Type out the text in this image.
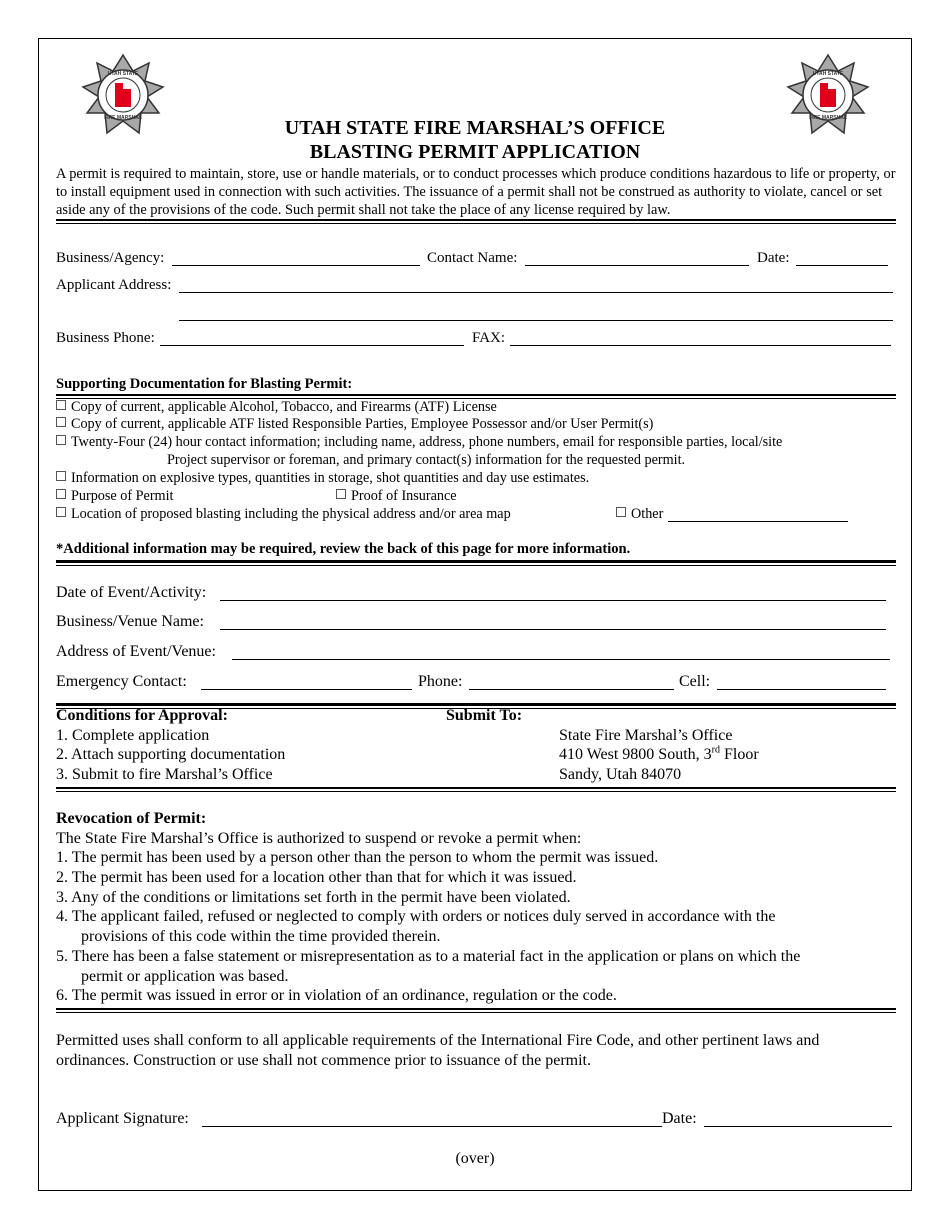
UTAH STATE
FIRE MARSHAL
UTAH STATE
FIRE MARSHAL
UTAH STATE FIRE MARSHAL’S OFFICE
BLASTING PERMIT APPLICATION
A permit is required to maintain, store, use or handle materials, or to conduct processes which produce conditions hazardous to life or property, or to install equipment used in connection with such activities. The issuance of a permit shall not be construed as authority to violate, cancel or set aside any of the provisions of the code. Such permit shall not take the place of any license required by law.
Business/Agency:	Contact Name:	Date:
Applicant Address:
Business Phone:	FAX:
Supporting Documentation for Blasting Permit:
Copy of current, applicable Alcohol, Tobacco, and Firearms (ATF) License
Copy of current, applicable ATF listed Responsible Parties, Employee Possessor and/or User Permit(s)
Twenty-Four (24) hour contact information; including name, address, phone numbers, email for responsible parties, local/site
Project supervisor or foreman, and primary contact(s) information for the requested permit.
Information on explosive types, quantities in storage, shot quantities and day use estimates.
Purpose of Permit	Proof of Insurance
Location of proposed blasting including the physical address and/or area map	Other
*Additional information may be required, review the back of this page for more information.
Date of Event/Activity:
Business/Venue Name:
Address of Event/Venue:
Emergency Contact:	Phone:	Cell:
Conditions for Approval:
1. Complete application
2. Attach supporting documentation
3. Submit to fire Marshal’s Office
Submit To:
State Fire Marshal’s Office
410 West 9800 South, 3rd Floor
Sandy, Utah 84070
Revocation of Permit:
The State Fire Marshal’s Office is authorized to suspend or revoke a permit when:
1. The permit has been used by a person other than the person to whom the permit was issued.
2. The permit has been used for a location other than that for which it was issued.
3. Any of the conditions or limitations set forth in the permit have been violated.
4. The applicant failed, refused or neglected to comply with orders or notices duly served in accordance with the
provisions of this code within the time provided therein.
5. There has been a false statement or misrepresentation as to a material fact in the application or plans on which the
permit or application was based.
6. The permit was issued in error or in violation of an ordinance, regulation or the code.
Permitted uses shall conform to all applicable requirements of the International Fire Code, and other pertinent laws and
ordinances. Construction or use shall not commence prior to issuance of the permit.
Applicant Signature:	Date:
(over)
